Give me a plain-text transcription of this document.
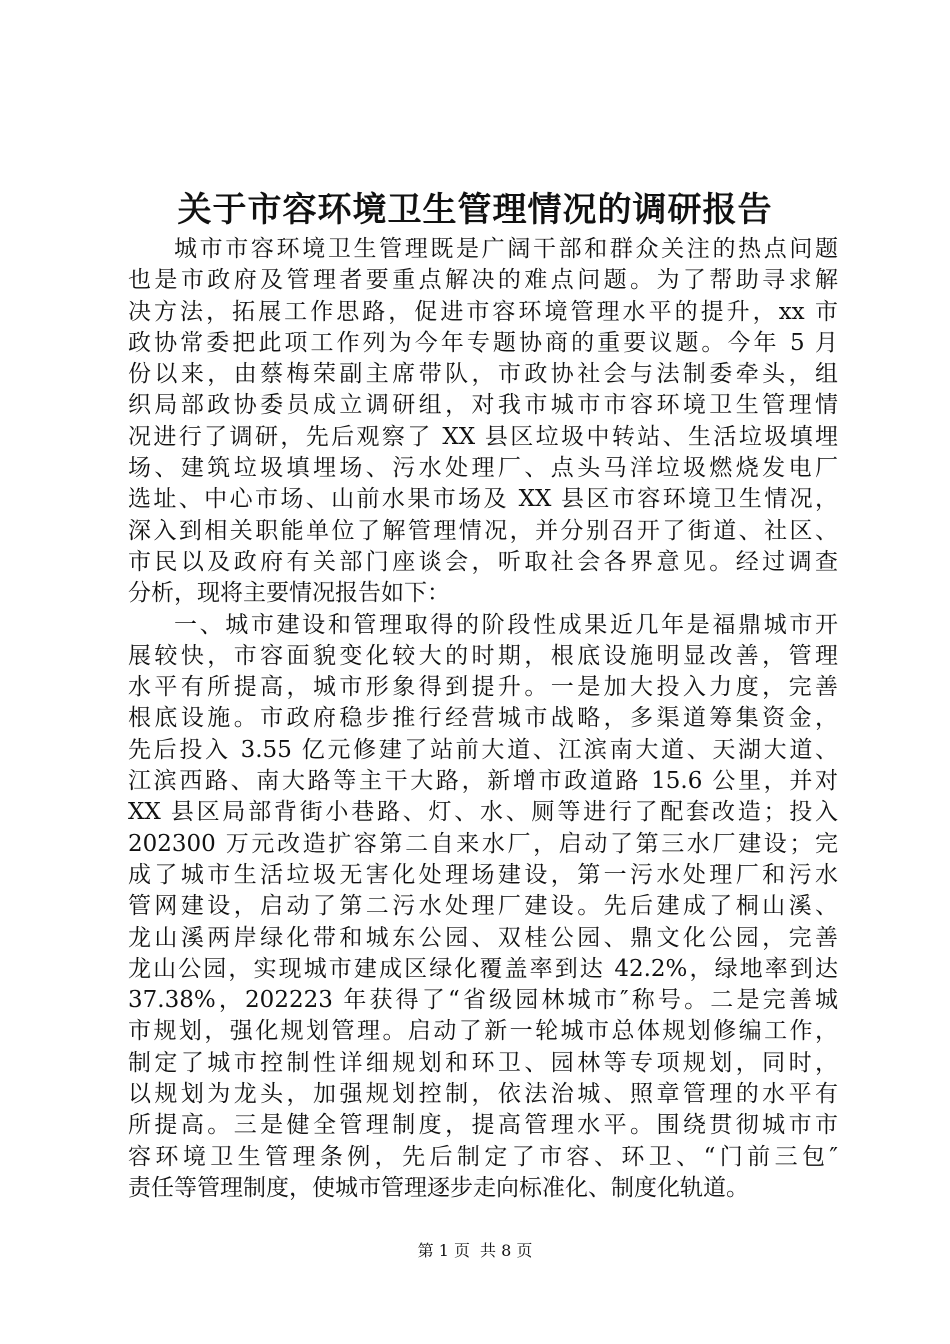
关于市容环境卫生管理情况的调研报告
城市市容环境卫生管理既是广阔干部和群众关注的热点问题
也是市政府及管理者要重点解决的难点问题。为了帮助寻求解
决方法，拓展工作思路，促进市容环境管理水平的提升，xx 市
政协常委把此项工作列为今年专题协商的重要议题。今年 5 月
份以来，由蔡梅荣副主席带队，市政协社会与法制委牵头，组
织局部政协委员成立调研组，对我市城市市容环境卫生管理情
况进行了调研，先后观察了 XX 县区垃圾中转站、生活垃圾填埋
场、建筑垃圾填埋场、污水处理厂、点头马洋垃圾燃烧发电厂
选址、中心市场、山前水果市场及 XX 县区市容环境卫生情况，
深入到相关职能单位了解管理情况，并分别召开了街道、社区、
市民以及政府有关部门座谈会，听取社会各界意见。经过调查
分析，现将主要情况报告如下：
一、城市建设和管理取得的阶段性成果近几年是福鼎城市开
展较快，市容面貌变化较大的时期，根底设施明显改善，管理
水平有所提高，城市形象得到提升。一是加大投入力度，完善
根底设施。市政府稳步推行经营城市战略，多渠道筹集资金，
先后投入 3.55 亿元修建了站前大道、江滨南大道、天湖大道、
江滨西路、南大路等主干大路，新增市政道路 15.6 公里，并对
XX 县区局部背街小巷路、灯、水、厕等进行了配套改造；投入
202300 万元改造扩容第二自来水厂，启动了第三水厂建设；完
成了城市生活垃圾无害化处理场建设，第一污水处理厂和污水
管网建设，启动了第二污水处理厂建设。先后建成了桐山溪、
龙山溪两岸绿化带和城东公园、双桂公园、鼎文化公园，完善
龙山公园，实现城市建成区绿化覆盖率到达 42.2%，绿地率到达
37.38%，202223 年获得了“省级园林城市″称号。二是完善城
市规划，强化规划管理。启动了新一轮城市总体规划修编工作，
制定了城市控制性详细规划和环卫、园林等专项规划，同时，
以规划为龙头，加强规划控制，依法治城、照章管理的水平有
所提高。三是健全管理制度，提高管理水平。围绕贯彻城市市
容环境卫生管理条例，先后制定了市容、环卫、“门前三包″
责任等管理制度，使城市管理逐步走向标准化、制度化轨道。
第 1 页 共 8 页
